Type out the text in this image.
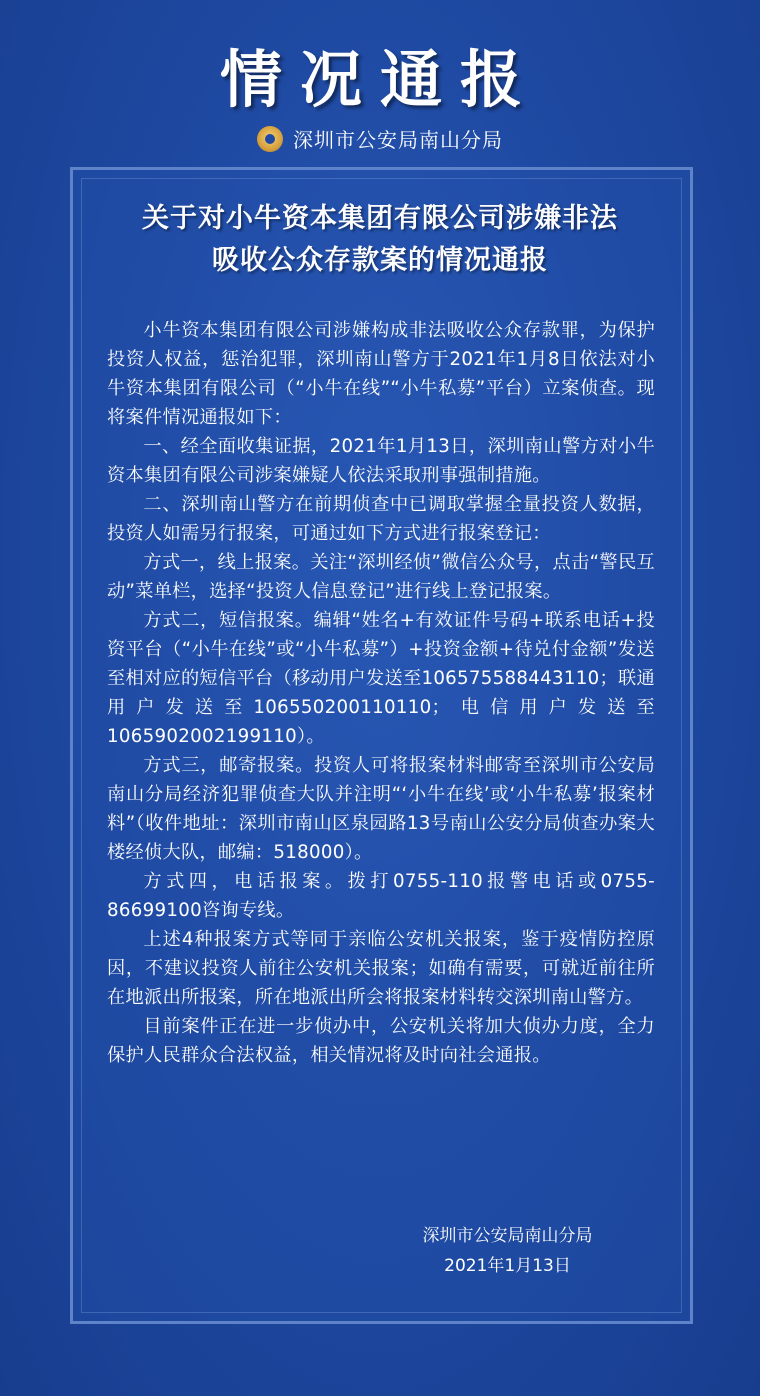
情况通报
深圳市公安局南山分局
关于对小牛资本集团有限公司涉嫌非法
吸收公众存款案的情况通报

小牛资本集团有限公司涉嫌构成非法吸收公众存款罪，为保护投资人权益，惩治犯罪，深圳南山警方于2021年1月8日依法对小牛资本集团有限公司（“小牛在线”“小牛私募”平台）立案侦查。现将案件情况通报如下：

一、经全面收集证据，2021年1月13日，深圳南山警方对小牛资本集团有限公司涉案嫌疑人依法采取刑事强制措施。

二、深圳南山警方在前期侦查中已调取掌握全量投资人数据，投资人如需另行报案，可通过如下方式进行报案登记：

方式一，线上报案。关注“深圳经侦”微信公众号，点击“警民互动”菜单栏，选择“投资人信息登记”进行线上登记报案。

方式二，短信报案。编辑“姓名+有效证件号码+联系电话+投资平台（“小牛在线”或“小牛私募”）+投资金额+待兑付金额”发送至相对应的短信平台（移动用户发送至10657558844311​0；联通用户发送至106550200110110；电信用户发送至1065902002199110）。

方式三，邮寄报案。投资人可将报案材料邮寄至深圳市公安局南山分局经济犯罪侦查大队并注明“‘小牛在线’或‘小牛私募’报案材料”（收件地址：深圳市南山区泉园路13号南山公安分局侦查办案大楼经侦大队，邮编：518000）。

方式四，电话报案。拨打0755-110报警电话或0755-86699100咨询专线。

上述4种报案方式等同于亲临公安机关报案，鉴于疫情防控原因，不建议投资人前往公安机关报案；如确有需要，可就近前往所在地派出所报案，所在地派出所会将报案材料转交深圳南山警方。

目前案件正在进一步侦办中，公安机关将加大侦办力度，全力保护人民群众合法权益，相关情况将及时向社会通报。

深圳市公安局南山分局
2021年1月13日
